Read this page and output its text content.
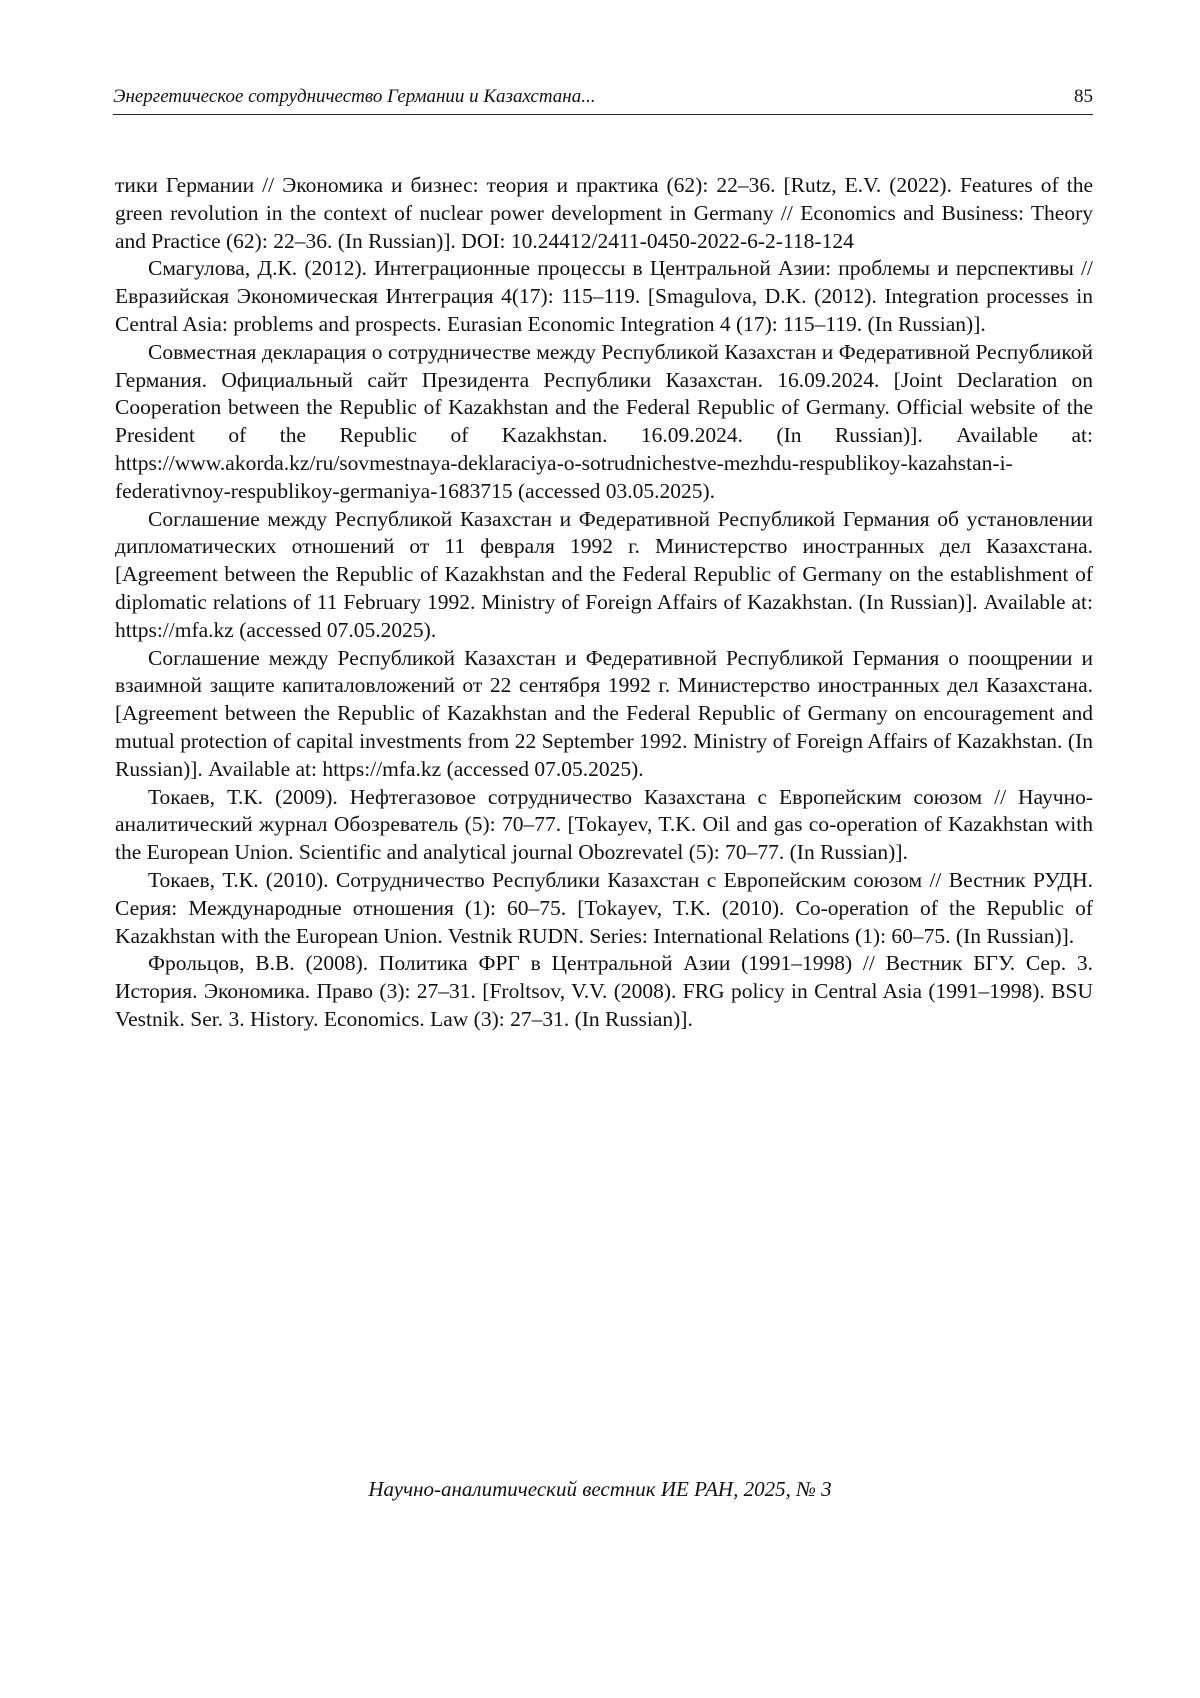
Энергетическое сотрудничество Германии и Казахстана...	85

тики Германии // Экономика и бизнес: теория и практика (62): 22–36. [Rutz, E.V. (2022). Features of the green revolution in the context of nuclear power development in Germany // Economics and Business: Theory and Practice (62): 22–36. (In Russian)]. DOI: 10.24412/2411-0450-2022-6-2-118-124

Смагулова, Д.К. (2012). Интеграционные процессы в Центральной Азии: проблемы и перспективы // Евразийская Экономическая Интеграция 4(17): 115–119. [Smagulova, D.K. (2012). Integration processes in Central Asia: problems and prospects. Eurasian Economic Integration 4 (17): 115–119. (In Russian)].

Совместная декларация о сотрудничестве между Республикой Казахстан и Федеративной Республикой Германия. Официальный сайт Президента Республики Казахстан. 16.09.2024. [Joint Declaration on Cooperation between the Republic of Kazakhstan and the Federal Republic of Germany. Official website of the President of the Republic of Kazakhstan. 16.09.2024. (In Russian)]. Available at: https://www.akorda.kz/ru/sovmestnaya-deklaraciya-o-sotrudnichestve-mezhdu-respublikoy-kazahstan-i-federativnoy-respublikoy-germaniya-1683715 (accessed 03.05.2025).

Соглашение между Республикой Казахстан и Федеративной Республикой Германия об установлении дипломатических отношений от 11 февраля 1992 г. Министерство иностранных дел Казахстана. [Agreement between the Republic of Kazakhstan and the Federal Republic of Germany on the establishment of diplomatic relations of 11 February 1992. Ministry of Foreign Affairs of Kazakhstan. (In Russian)]. Available at: https://mfa.kz (accessed 07.05.2025).

Соглашение между Республикой Казахстан и Федеративной Республикой Германия о поощрении и взаимной защите капиталовложений от 22 сентября 1992 г. Министерство иностранных дел Казахстана. [Agreement between the Republic of Kazakhstan and the Federal Republic of Germany on encouragement and mutual protection of capital investments from 22 September 1992. Ministry of Foreign Affairs of Kazakhstan. (In Russian)]. Available at: https://mfa.kz (accessed 07.05.2025).

Токаев, Т.К. (2009). Нефтегазовое сотрудничество Казахстана с Европейским союзом // Научно-аналитический журнал Обозреватель (5): 70–77. [Tokayev, T.K. Oil and gas co-operation of Kazakhstan with the European Union. Scientific and analytical journal Obozrevatel (5): 70–77. (In Russian)].

Токаев, Т.К. (2010). Сотрудничество Республики Казахстан с Европейским союзом // Вестник РУДН. Серия: Международные отношения (1): 60–75. [Tokayev, T.K. (2010). Co-operation of the Republic of Kazakhstan with the European Union. Vestnik RUDN. Series: International Relations (1): 60–75. (In Russian)].

Фрольцов, В.В. (2008). Политика ФРГ в Центральной Азии (1991–1998) // Вестник БГУ. Сер. 3. История. Экономика. Право (3): 27–31. [Froltsov, V.V. (2008). FRG policy in Central Asia (1991–1998). BSU Vestnik. Ser. 3. History. Economics. Law (3): 27–31. (In Russian)].

Научно-аналитический вестник ИЕ РАН, 2025, № 3
